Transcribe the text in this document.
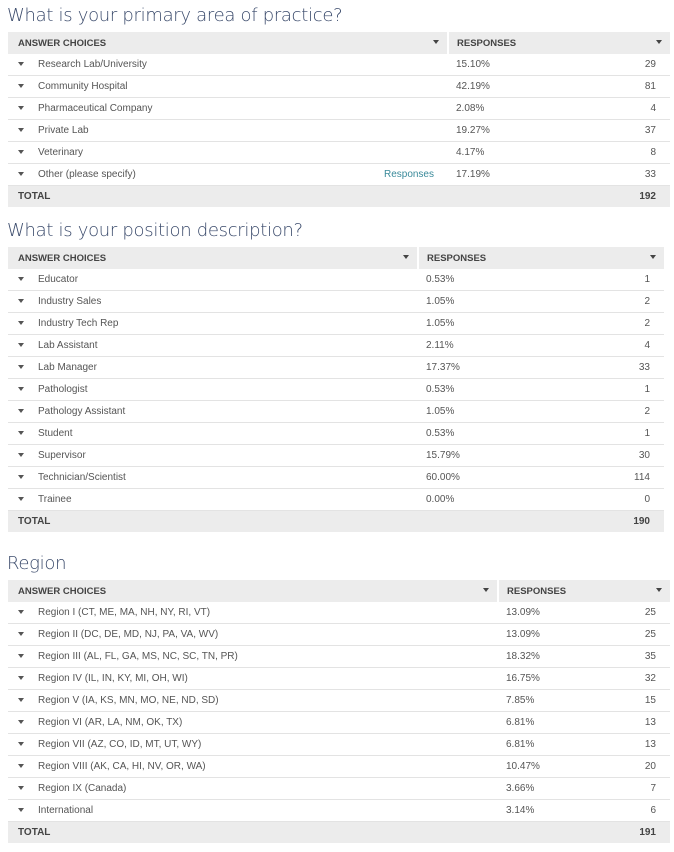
What is your primary area of practice?
ANSWER CHOICES	RESPONSES	

Research Lab/University	15.10%	29
Community Hospital	42.19%	81
Pharmaceutical Company	2.08%	4
Private Lab	19.27%	37
Veterinary	4.17%	8
Other (please specify) Responses	17.19%	33
TOTAL		192
What is your position description?
ANSWER CHOICES	RESPONSES	

Educator	0.53%	1
Industry Sales	1.05%	2
Industry Tech Rep	1.05%	2
Lab Assistant	2.11%	4
Lab Manager	17.37%	33
Pathologist	0.53%	1
Pathology Assistant	1.05%	2
Student	0.53%	1
Supervisor	15.79%	30
Technician/Scientist	60.00%	114
Trainee	0.00%	0
TOTAL		190
Region
ANSWER CHOICES	RESPONSES	

Region I (CT, ME, MA, NH, NY, RI, VT)	13.09%	25
Region II (DC, DE, MD, NJ, PA, VA, WV)	13.09%	25
Region III (AL, FL, GA, MS, NC, SC, TN, PR)	18.32%	35
Region IV (IL, IN, KY, MI, OH, WI)	16.75%	32
Region V (IA, KS, MN, MO, NE, ND, SD)	7.85%	15
Region VI (AR, LA, NM, OK, TX)	6.81%	13
Region VII (AZ, CO, ID, MT, UT, WY)	6.81%	13
Region VIII (AK, CA, HI, NV, OR, WA)	10.47%	20
Region IX (Canada)	3.66%	7
International	3.14%	6
TOTAL		191
